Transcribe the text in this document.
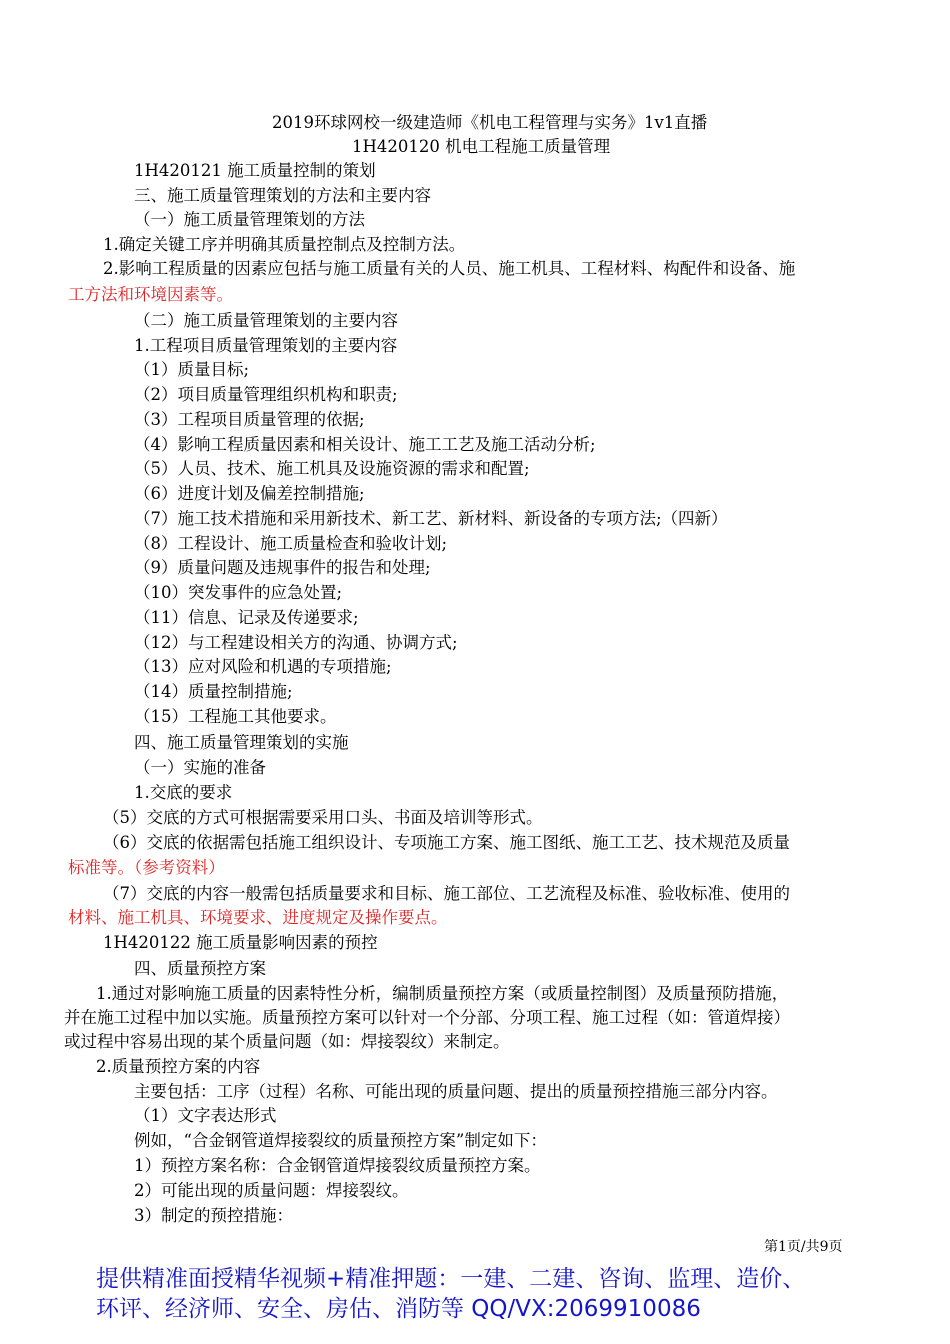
2019环球网校一级建造师《机电工程管理与实务》1v1直播
1H420120 机电工程施工质量管理
1H420121 施工质量控制的策划
三、施工质量管理策划的方法和主要内容
（一）施工质量管理策划的方法
1.确定关键工序并明确其质量控制点及控制方法。
2.影响工程质量的因素应包括与施工质量有关的人员、施工机具、工程材料、构配件和设备、施
工方法和环境因素等。
（二）施工质量管理策划的主要内容
1.工程项目质量管理策划的主要内容
（1）质量目标;
（2）项目质量管理组织机构和职责;
（3）工程项目质量管理的依据;
（4）影响工程质量因素和相关设计、施工工艺及施工活动分析;
（5）人员、技术、施工机具及设施资源的需求和配置;
（6）进度计划及偏差控制措施;
（7）施工技术措施和采用新技术、新工艺、新材料、新设备的专项方法;（四新）
（8）工程设计、施工质量检查和验收计划;
（9）质量问题及违规事件的报告和处理;
（10）突发事件的应急处置;
（11）信息、记录及传递要求;
（12）与工程建设相关方的沟通、协调方式;
（13）应对风险和机遇的专项措施;
（14）质量控制措施;
（15）工程施工其他要求。
四、施工质量管理策划的实施
（一）实施的准备
1.交底的要求
（5）交底的方式可根据需要采用口头、书面及培训等形式。
（6）交底的依据需包括施工组织设计、专项施工方案、施工图纸、施工工艺、技术规范及质量
标准等。（参考资料）
（7）交底的内容一般需包括质量要求和目标、施工部位、工艺流程及标准、验收标准、使用的
材料、施工机具、环境要求、进度规定及操作要点。
1H420122 施工质量影响因素的预控
四、质量预控方案
1.通过对影响施工质量的因素特性分析，编制质量预控方案（或质量控制图）及质量预防措施，
并在施工过程中加以实施。质量预控方案可以针对一个分部、分项工程、施工过程（如：管道焊接）
或过程中容易出现的某个质量问题（如：焊接裂纹）来制定。
2.质量预控方案的内容
主要包括：工序（过程）名称、可能出现的质量问题、提出的质量预控措施三部分内容。
（1）文字表达形式
例如，“合金钢管道焊接裂纹的质量预控方案”制定如下：
1）预控方案名称：合金钢管道焊接裂纹质量预控方案。
2）可能出现的质量问题：焊接裂纹。
3）制定的预控措施：
第1页/共9页
提供精准面授精华视频+精准押题：一建、二建、咨询、监理、造价、
环评、经济师、安全、房估、消防等 QQ/VX:2069910086
